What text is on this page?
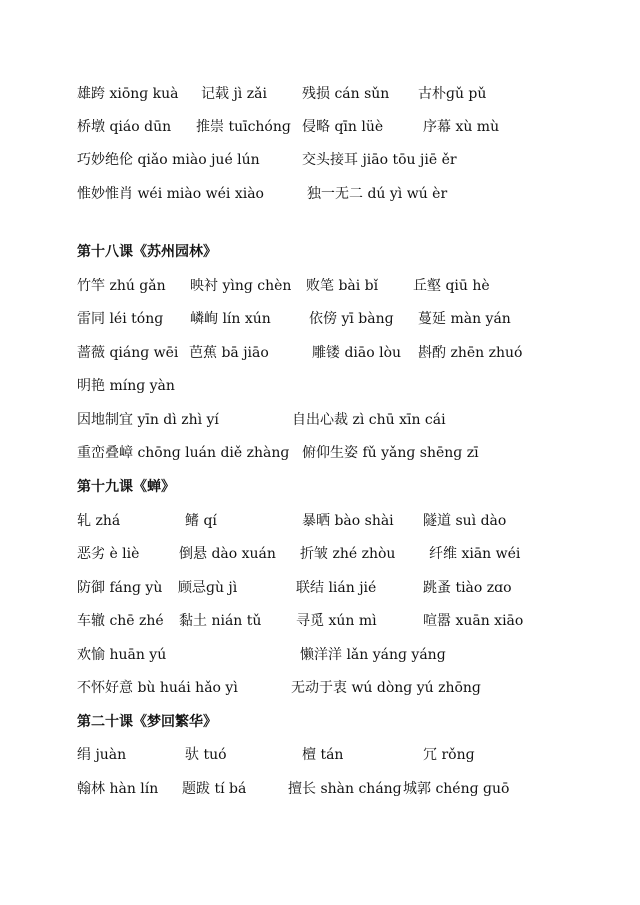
雄跨 xiōnɡ kuà 记载 jì zǎi	残损 cán sǔn 古朴ɡǔ pǔ
桥墩 qiáo dūn 推崇 tuīchónɡ 侵略 qīn lüè	序幕 xù mù
巧妙绝伦 qiǎo miào jué lún	交头接耳 jiāo tōu jiē ěr
惟妙惟肖 wéi miào wéi xiào	独一无二 dú yì wú èr
第十八课《苏州园林》
竹竿 zhú gǎn 映衬 yìnɡ chèn 败笔 bài bǐ 丘壑 qiū hè
雷同 léi tónɡ 嶙峋 lín xún	依傍 yī bànɡ 蔓延 màn yán
蔷薇 qiánɡ wēi 芭蕉 bā jiāo	雕镂 diāo lòu 斟酌 zhēn zhuó
明艳 mínɡ yàn
因地制宜 yīn dì zhì yí	自出心裁 zì chū xīn cái
重峦叠嶂 chōnɡ luán diě zhànɡ 俯仰生姿 fǔ yǎnɡ shēnɡ zī
第十九课《蝉》
轧 zhá	鳍 qí	暴晒 bào shài 隧道 suì dào
恶劣 è liè	倒悬 dào xuán 折皱 zhé zhòu 纤维 xiān wéi
防御 fánɡ yù 顾忌ɡù jì	联结 lián jié	跳蚤 tiào zɑo
车辙 chē zhé 黏土 nián tǔ 寻觅 xún mì	喧嚣 xuān xiāo
欢愉 huān yú	懒洋洋 lǎn yánɡ yánɡ
不怀好意 bù huái hǎo yì	无动于衷 wú dònɡ yú zhōnɡ
第二十课《梦回繁华》
绢 juàn	驮 tuó	檀 tán	冗 rǒnɡ
翰林 hàn lín 题跋 tí bá	擅长 shàn chánɡ 城郭 chénɡ ɡuō
